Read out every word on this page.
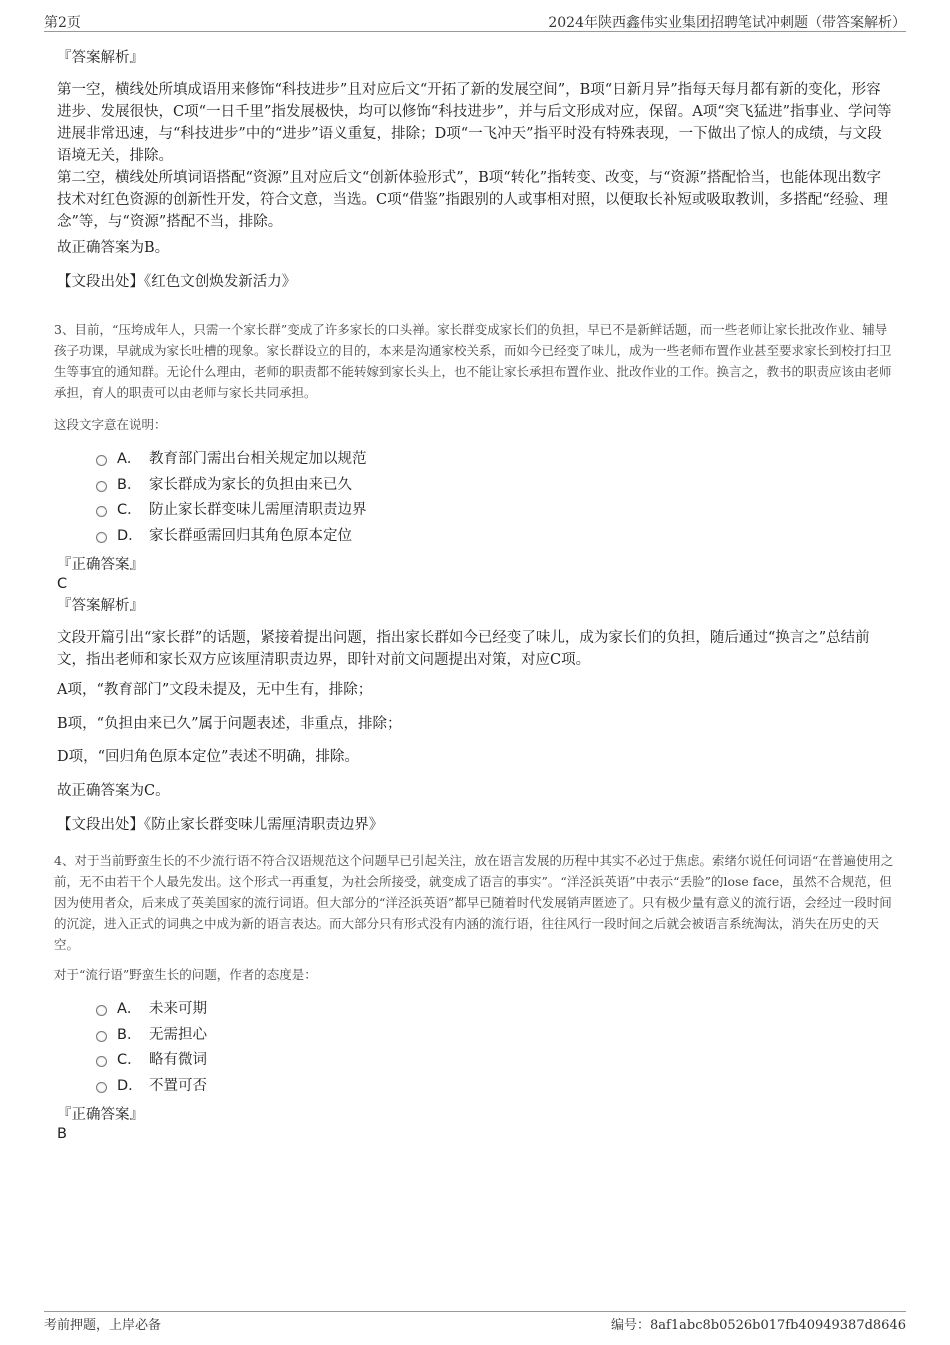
第2页	2024年陕西鑫伟实业集团招聘笔试冲刺题（带答案解析）
『答案解析』

第一空，横线处所填成语用来修饰“科技进步”且对应后文“开拓了新的发展空间”，B项“日新月异”指每天每月都有新的变化，形容进步、发展很快，C项“一日千里”指发展极快，均可以修饰“科技进步”，并与后文形成对应，保留。A项“突飞猛进”指事业、学问等进展非常迅速，与“科技进步”中的“进步”语义重复，排除；D项“一飞冲天”指平时没有特殊表现，一下做出了惊人的成绩，与文段语境无关，排除。

第二空，横线处所填词语搭配“资源”且对应后文“创新体验形式”，B项“转化”指转变、改变，与“资源”搭配恰当，也能体现出数字技术对红色资源的创新性开发，符合文意，当选。C项“借鉴”指跟别的人或事相对照，以便取长补短或吸取教训，多搭配“经验、理念”等，与“资源”搭配不当，排除。

故正确答案为B。
【文段出处】《红色文创焕发新活力》

3、目前，“压垮成年人，只需一个家长群”变成了许多家长的口头禅。家长群变成家长们的负担，早已不是新鲜话题，而一些老师让家长批改作业、辅导孩子功课，早就成为家长吐槽的现象。家长群设立的目的，本来是沟通家校关系，而如今已经变了味儿，成为一些老师布置作业甚至要求家长到校打扫卫生等事宜的通知群。无论什么理由，老师的职责都不能转嫁到家长头上，也不能让家长承担布置作业、批改作业的工作。换言之，教书的职责应该由老师承担，育人的职责可以由老师与家长共同承担。

这段文字意在说明：
A． 教育部门需出台相关规定加以规范
B． 家长群成为家长的负担由来已久
C． 防止家长群变味儿需厘清职责边界
D． 家长群亟需回归其角色原本定位
『正确答案』
C
『答案解析』

文段开篇引出“家长群”的话题，紧接着提出问题，指出家长群如今已经变了味儿，成为家长们的负担，随后通过“换言之”总结前文，指出老师和家长双方应该厘清职责边界，即针对前文问题提出对策，对应C项。

A项，“教育部门”文段未提及，无中生有，排除；
B项，“负担由来已久”属于问题表述，非重点，排除；
D项，“回归角色原本定位”表述不明确，排除。
故正确答案为C。
【文段出处】《防止家长群变味儿需厘清职责边界》

4、对于当前野蛮生长的不少流行语不符合汉语规范这个问题早已引起关注，放在语言发展的历程中其实不必过于焦虑。索绪尔说任何词语“在普遍使用之前，无不由若干个人最先发出。这个形式一再重复，为社会所接受，就变成了语言的事实”。“洋泾浜英语”中表示“丢脸”的lose face，虽然不合规范，但因为使用者众，后来成了英美国家的流行词语。但大部分的“洋泾浜英语”都早已随着时代发展销声匿迹了。只有极少量有意义的流行语，会经过一段时间的沉淀，进入正式的词典之中成为新的语言表达。而大部分只有形式没有内涵的流行语，往往风行一段时间之后就会被语言系统淘汰，消失在历史的天空。

对于“流行语”野蛮生长的问题，作者的态度是：
A． 未来可期
B． 无需担心
C． 略有微词
D． 不置可否
『正确答案』
B
考前押题，上岸必备	编号：8af1abc8b0526b017fb40949387d8646
